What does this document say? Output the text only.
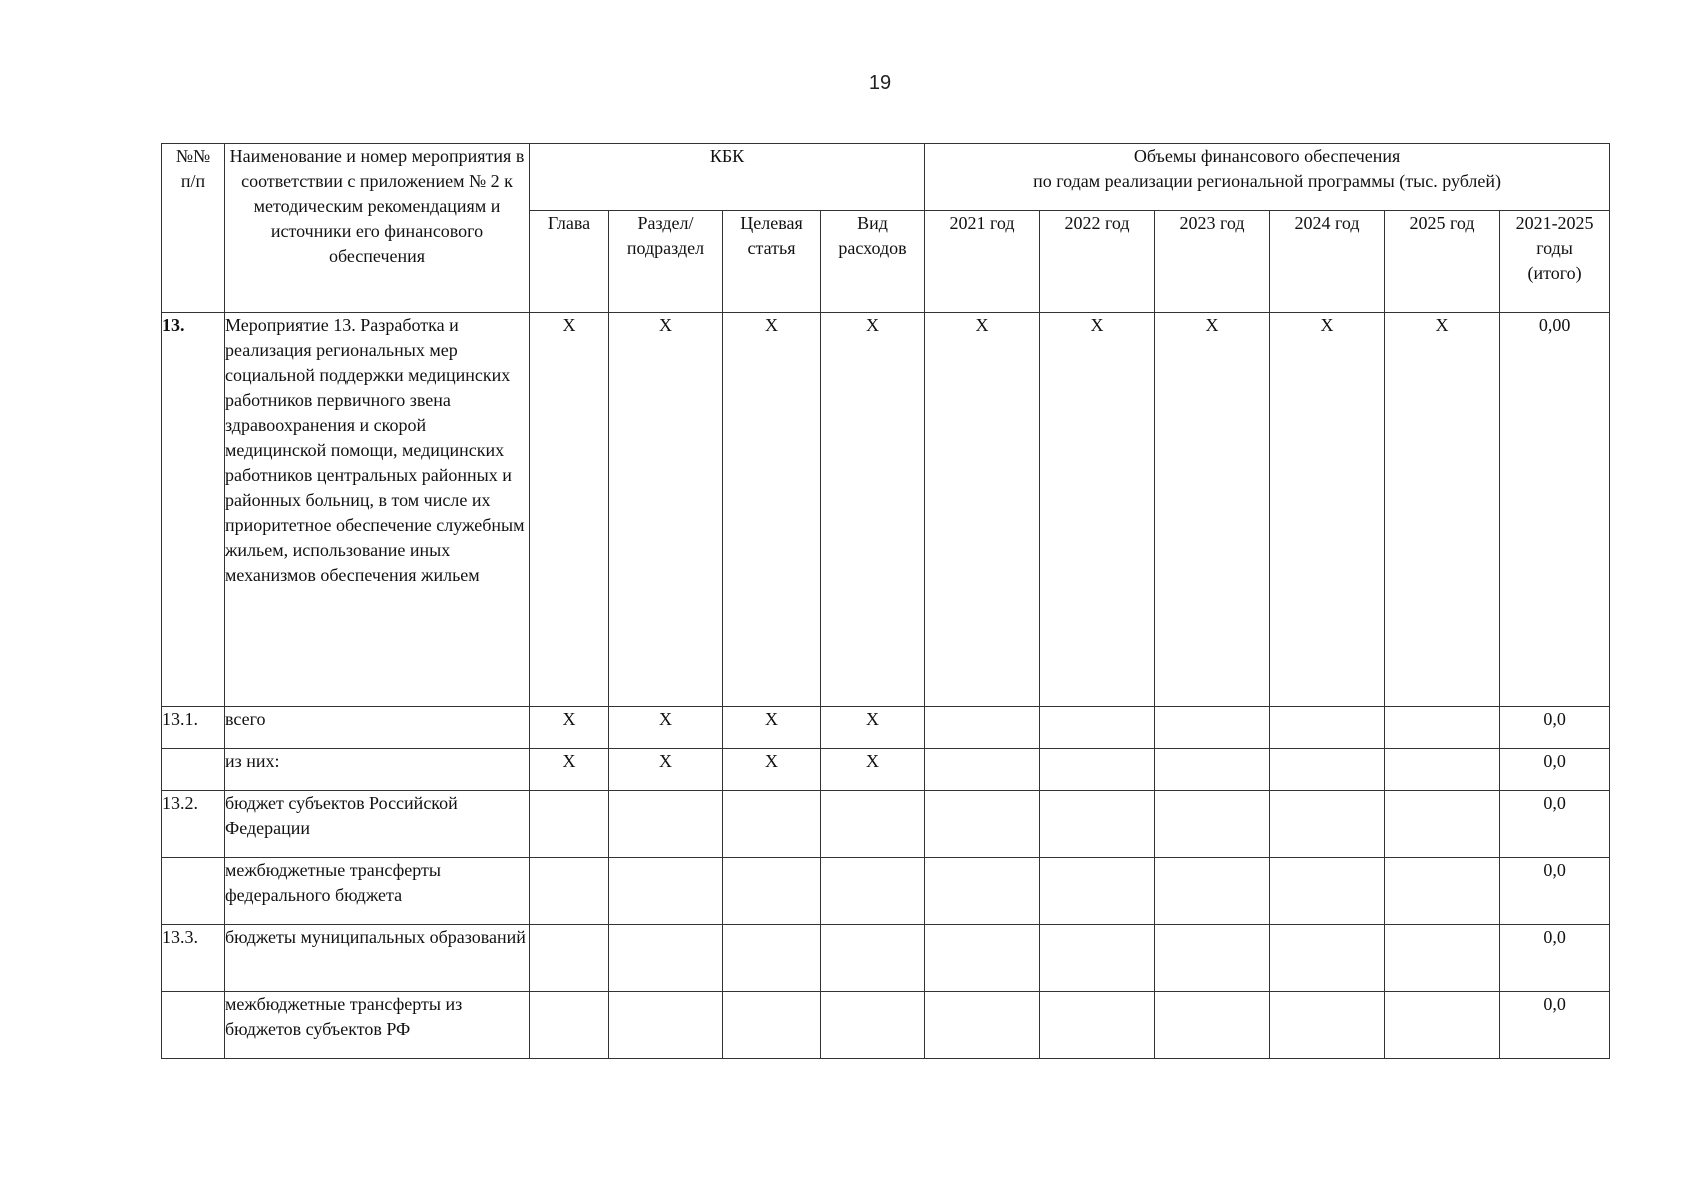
19
№№ п/п	Наименование и номер мероприятия в соответствии с приложением № 2 к методическим рекомендациям и источники его финансового обеспечения	КБК				Объемы финансового обеспечения
по годам реализации региональной программы (тыс. рублей)					

		Глава	Раздел/ подраздел	Целевая статья	Вид расходов	2021 год	2022 год	2023 год	2024 год	2025 год	2021-2025 годы (итого)
13.	Мероприятие 13. Разработка и реализация региональных мер социальной поддержки медицинских работников первичного звена здравоохранения и скорой медицинской помощи, медицинских работников центральных районных и районных больниц, в том числе их приоритетное обеспечение служебным жильем, использование иных механизмов обеспечения жильем	X	X	X	X	X	X	X	X	X	0,00
13.1.	всего	X	X	X	X						0,0
	из них:	X	X	X	X						0,0
13.2.	бюджет субъектов Российской Федерации										0,0
	межбюджетные трансферты федерального бюджета										0,0
13.3.	бюджеты муниципальных образований										0,0
	межбюджетные трансферты из бюджетов субъектов РФ										0,0
